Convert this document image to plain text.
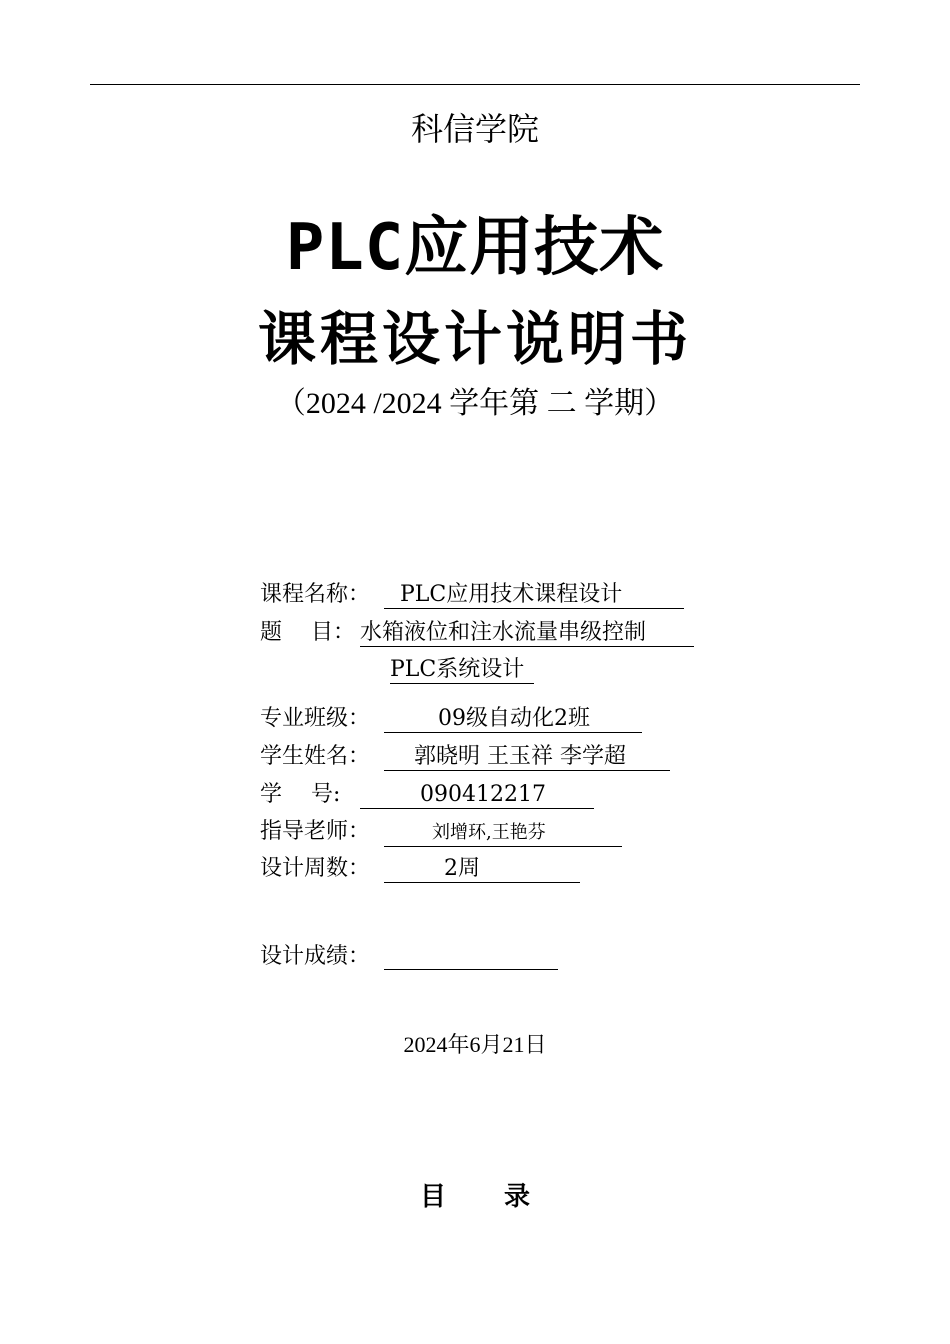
科信学院
PLC应用技术
课程设计说明书
（2024 /2024 学年第 二 学期）
课程名称： PLC应用技术课程设计
题　 目： 水箱液位和注水流量串级控制
PLC系统设计
专业班级：	09级自动化2班
学生姓名： 郭晓明 王玉祥 李学超
学　 号:	090412217
指导老师：	刘增环,王艳芬
设计周数：	2周
设计成绩：
2024年6月21日
目 录
